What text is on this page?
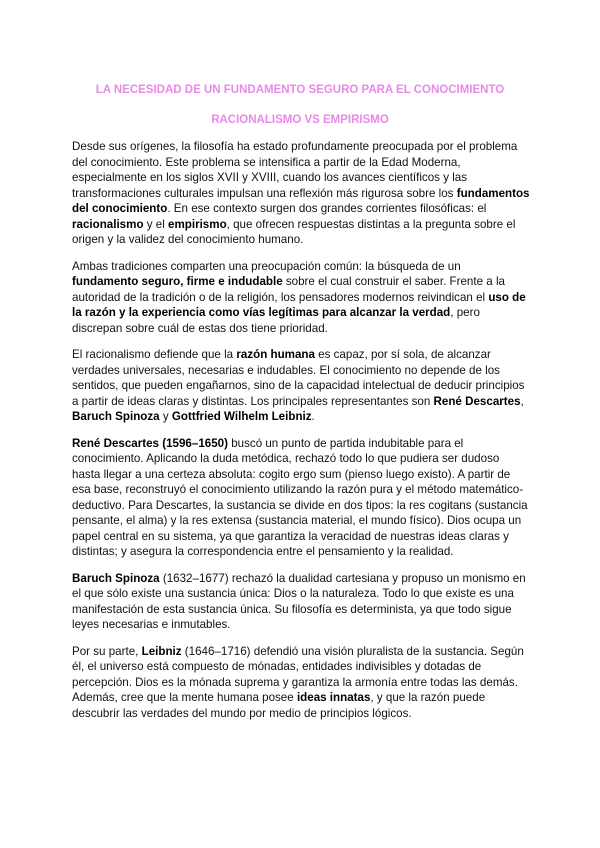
LA NECESIDAD DE UN FUNDAMENTO SEGURO PARA EL CONOCIMIENTO
RACIONALISMO VS EMPIRISMO

Desde sus orígenes, la filosofía ha estado profundamente preocupada por el problema del conocimiento. Este problema se intensifica a partir de la Edad Moderna, especialmente en los siglos XVII y XVIII, cuando los avances científicos y las transformaciones culturales impulsan una reflexión más rigurosa sobre los fundamentos del conocimiento. En ese contexto surgen dos grandes corrientes filosóficas: el racionalismo y el empirismo, que ofrecen respuestas distintas a la pregunta sobre el origen y la validez del conocimiento humano.

Ambas tradiciones comparten una preocupación común: la búsqueda de un fundamento seguro, firme e indudable sobre el cual construir el saber. Frente a la autoridad de la tradición o de la religión, los pensadores modernos reivindican el uso de la razón y la experiencia como vías legítimas para alcanzar la verdad, pero discrepan sobre cuál de estas dos tiene prioridad.

El racionalismo defiende que la razón humana es capaz, por sí sola, de alcanzar verdades universales, necesarias e indudables. El conocimiento no depende de los sentidos, que pueden engañarnos, sino de la capacidad intelectual de deducir principios a partir de ideas claras y distintas. Los principales representantes son René Descartes, Baruch Spinoza y Gottfried Wilhelm Leibniz.

René Descartes (1596–1650) buscó un punto de partida indubitable para el conocimiento. Aplicando la duda metódica, rechazó todo lo que pudiera ser dudoso hasta llegar a una certeza absoluta: cogito ergo sum (pienso luego existo). A partir de esa base, reconstruyó el conocimiento utilizando la razón pura y el método matemático-deductivo. Para Descartes, la sustancia se divide en dos tipos: la res cogitans (sustancia pensante, el alma) y la res extensa (sustancia material, el mundo físico). Dios ocupa un papel central en su sistema, ya que garantiza la veracidad de nuestras ideas claras y distintas; y asegura la correspondencia entre el pensamiento y la realidad.

Baruch Spinoza (1632–1677) rechazó la dualidad cartesiana y propuso un monismo en el que sólo existe una sustancia única: Dios o la naturaleza. Todo lo que existe es una manifestación de esta sustancia única. Su filosofía es determinista, ya que todo sigue leyes necesarias e inmutables.

Por su parte, Leibniz (1646–1716) defendió una visión pluralista de la sustancia. Según él, el universo está compuesto de mónadas, entidades indivisibles y dotadas de percepción. Dios es la mónada suprema y garantiza la armonía entre todas las demás. Además, cree que la mente humana posee ideas innatas, y que la razón puede descubrir las verdades del mundo por medio de principios lógicos.
